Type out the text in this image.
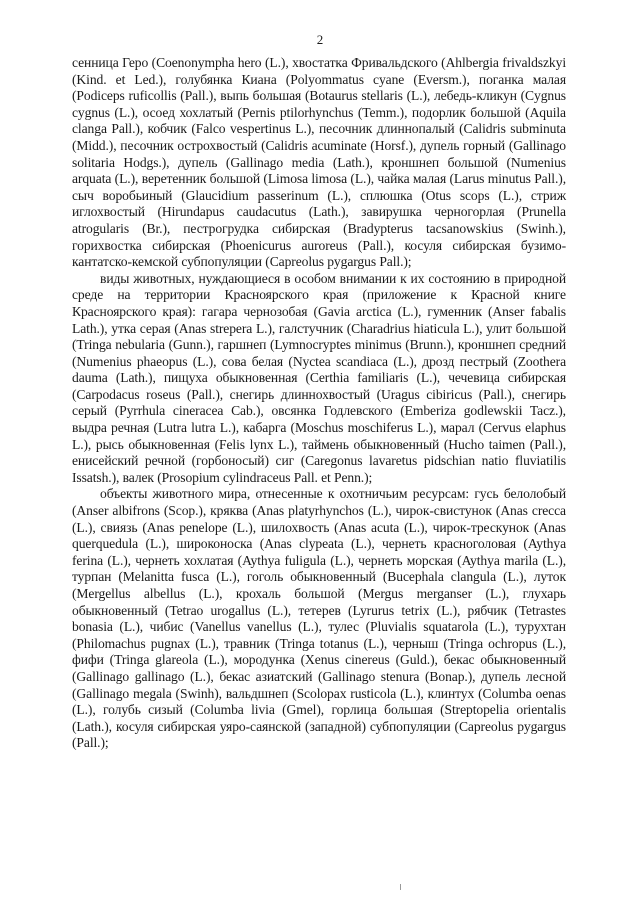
2

сенница Геро (Coenonympha hero (L.), хвостатка Фривальдского (Ahlbergia frivaldszkyi (Kind. et Led.), голубянка Киана (Polyommatus cyane (Eversm.), поганка малая (Podiceps ruficollis (Pall.), выпь большая (Botaurus stellaris (L.), лебедь-кликун (Cygnus cygnus (L.), осоед хохлатый (Pernis ptilorhynchus (Temm.), подорлик большой (Aquila clanga Pall.), кобчик (Falco vespertinus L.), песочник длиннопалый (Calidris subminuta (Midd.), песочник острохвостый (Calidris acuminate (Horsf.), дупель горный (Gallinago solitaria Hodgs.), дупель (Gallinago media (Lath.), кроншнеп большой (Numenius arquata (L.), веретенник большой (Limosa limosa (L.), чайка малая (Larus minutus Pall.), сыч воробьиный (Glaucidium passerinum (L.), сплюшка (Otus scops (L.), стриж иглохвостый (Hirundapus caudacutus (Lath.), завирушка черногорлая (Prunella atrogularis (Br.), пестрогрудка сибирская (Bradypterus tacsanowskius (Swinh.), горихвостка сибирская (Phoenicurus auroreus (Pall.), косуля сибирская бузимо-кантатско-кемской субпопуляции (Capreolus pygargus Pall.);

виды животных, нуждающиеся в особом внимании к их состоянию в природной среде на территории Красноярского края (приложение к Красной книге Красноярского края): гагара чернозобая (Gavia arctica (L.), гуменник (Anser fabalis Lath.), утка серая (Anas strepera L.), галстучник (Charadrius hiaticula L.), улит большой (Tringa nebularia (Gunn.), гаршнеп (Lymnocryptes minimus (Brunn.), кроншнеп средний (Numenius phaeopus (L.), сова белая (Nyctea scandiaca (L.), дрозд пестрый (Zoothera dauma (Lath.), пищуха обыкновенная (Certhia familiaris (L.), чечевица сибирская (Carpodacus roseus (Pall.), снегирь длиннохвостый (Uragus cibiricus (Pall.), снегирь серый (Pyrrhula cineracea Cab.), овсянка Годлевского (Emberiza godlewskii Tacz.), выдра речная (Lutra lutra L.), кабарга (Moschus moschiferus L.), марал (Cervus elaphus L.), рысь обыкновенная (Felis lynx L.), таймень обыкновенный (Hucho taimen (Pall.), енисейский речной (горбоносый) сиг (Caregonus lavaretus pidschian natio fluviatilis Issatsh.), валек (Prosopium cylindraceus Pall. et Penn.);

объекты животного мира, отнесенные к охотничьим ресурсам: гусь белолобый (Anser albifrons (Scop.), кряква (Anas platyrhynchos (L.), чирок-свистунок (Anas crecca (L.), свиязь (Anas penelope (L.), шилохвость (Anas acuta (L.), чирок-трескунок (Anas querquedula (L.), широконоска (Anas clypeata (L.), чернеть красноголовая (Aythya ferina (L.), чернеть хохлатая (Aythya fuligula (L.), чернеть морская (Aythya marila (L.), турпан (Melanitta fusca (L.), гоголь обыкновенный (Bucephala clangula (L.), луток (Mergellus albellus (L.), крохаль большой (Mergus merganser (L.), глухарь обыкновенный (Tetrao urogallus (L.), тетерев (Lyrurus tetrix (L.), рябчик (Tetrastes bonasia (L.), чибис (Vanellus vanellus (L.), тулес (Pluvialis squatarola (L.), турухтан (Philomachus pugnax (L.), травник (Tringa totanus (L.), черныш (Tringa ochropus (L.), фифи (Tringa glareola (L.), мородунка (Xenus cinereus (Guld.), бекас обыкновенный (Gallinago gallinago (L.), бекас азиатский (Gallinago stenura (Bonap.), дупель лесной (Gallinago megala (Swinh), вальдшнеп (Scolopax rusticola (L.), клинтух (Columba oenas (L.), голубь сизый (Columba livia (Gmel), горлица большая (Streptopelia orientalis (Lath.), косуля сибирская уяро-саянской (западной) субпопуляции (Capreolus pygargus (Pall.);
